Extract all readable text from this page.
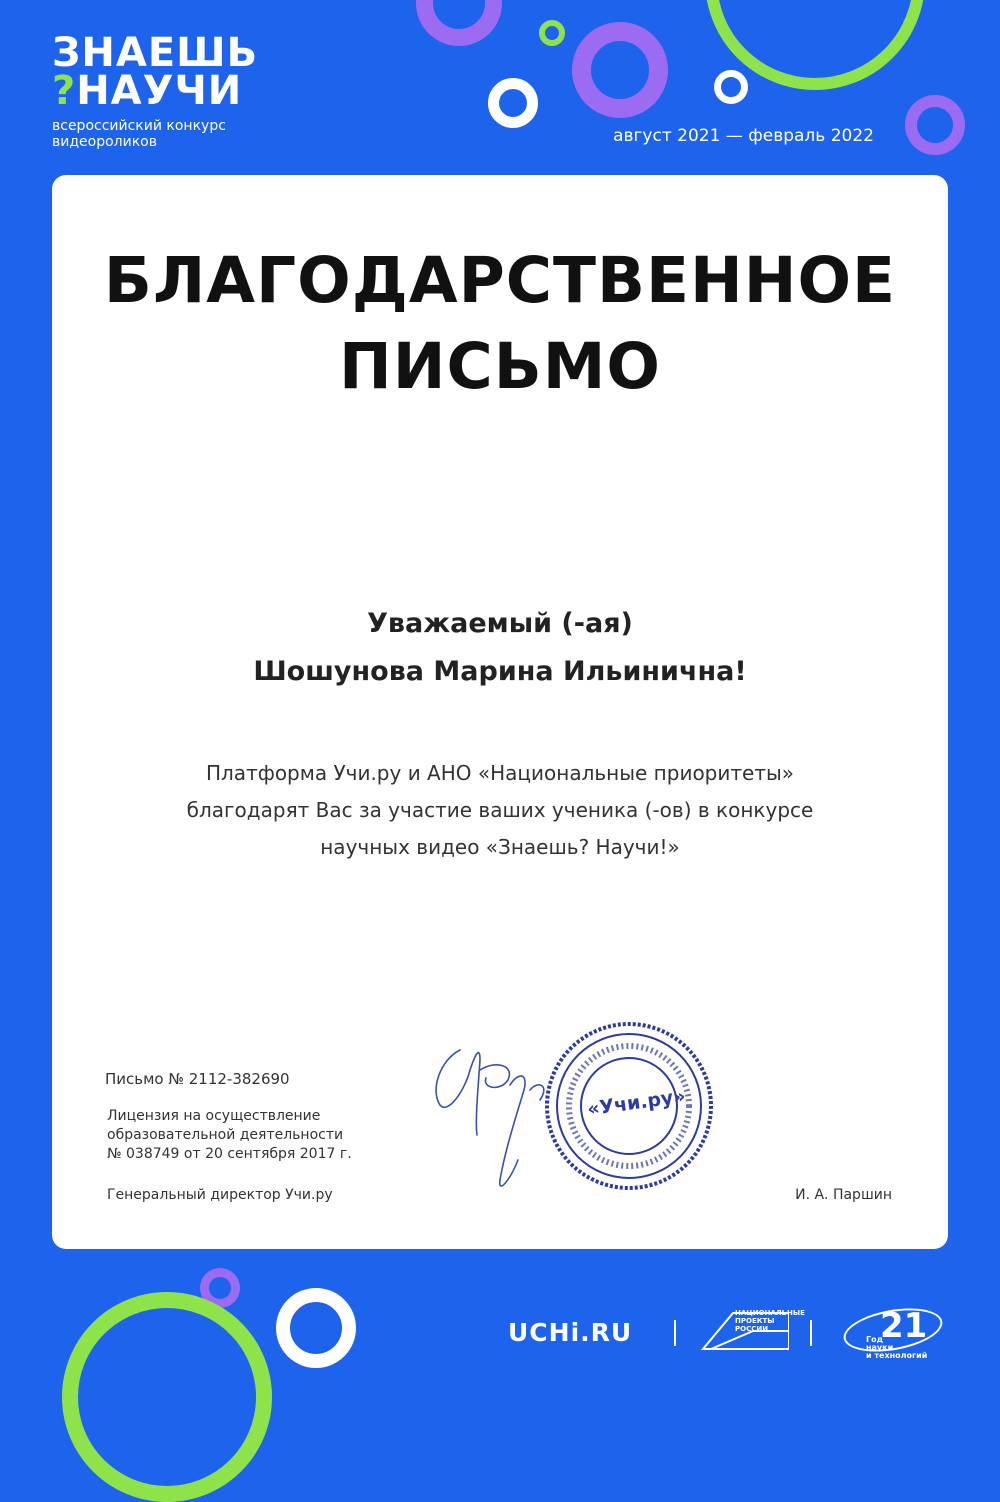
ЗНАЕШЬ
?НАУЧИ
всероссийский конкурс
видеороликов	август 2021 — февраль 2022
БЛАГОДАРСТВЕННОЕ
ПИСЬМО
Уважаемый (-ая)
Шошунова Марина Ильинична!
Платформа Учи.ру и АНО «Национальные приоритеты»
благодарят Вас за участие ваших ученика (-ов) в конкурсе
научных видео «Знаешь? Научи!»
Письмо № 2112-382690
Лицензия на осуществление
образовательной деятельности
№ 038749 от 20 сентября 2017 г.
Генеральный директор Учи.ру	И. А. Паршин
«Учи.ру»
UCHi.RU
НАЦИОНАЛЬНЫЕ
ПРОЕКТЫ
РОССИИ	21
Год
науки
и технологий
